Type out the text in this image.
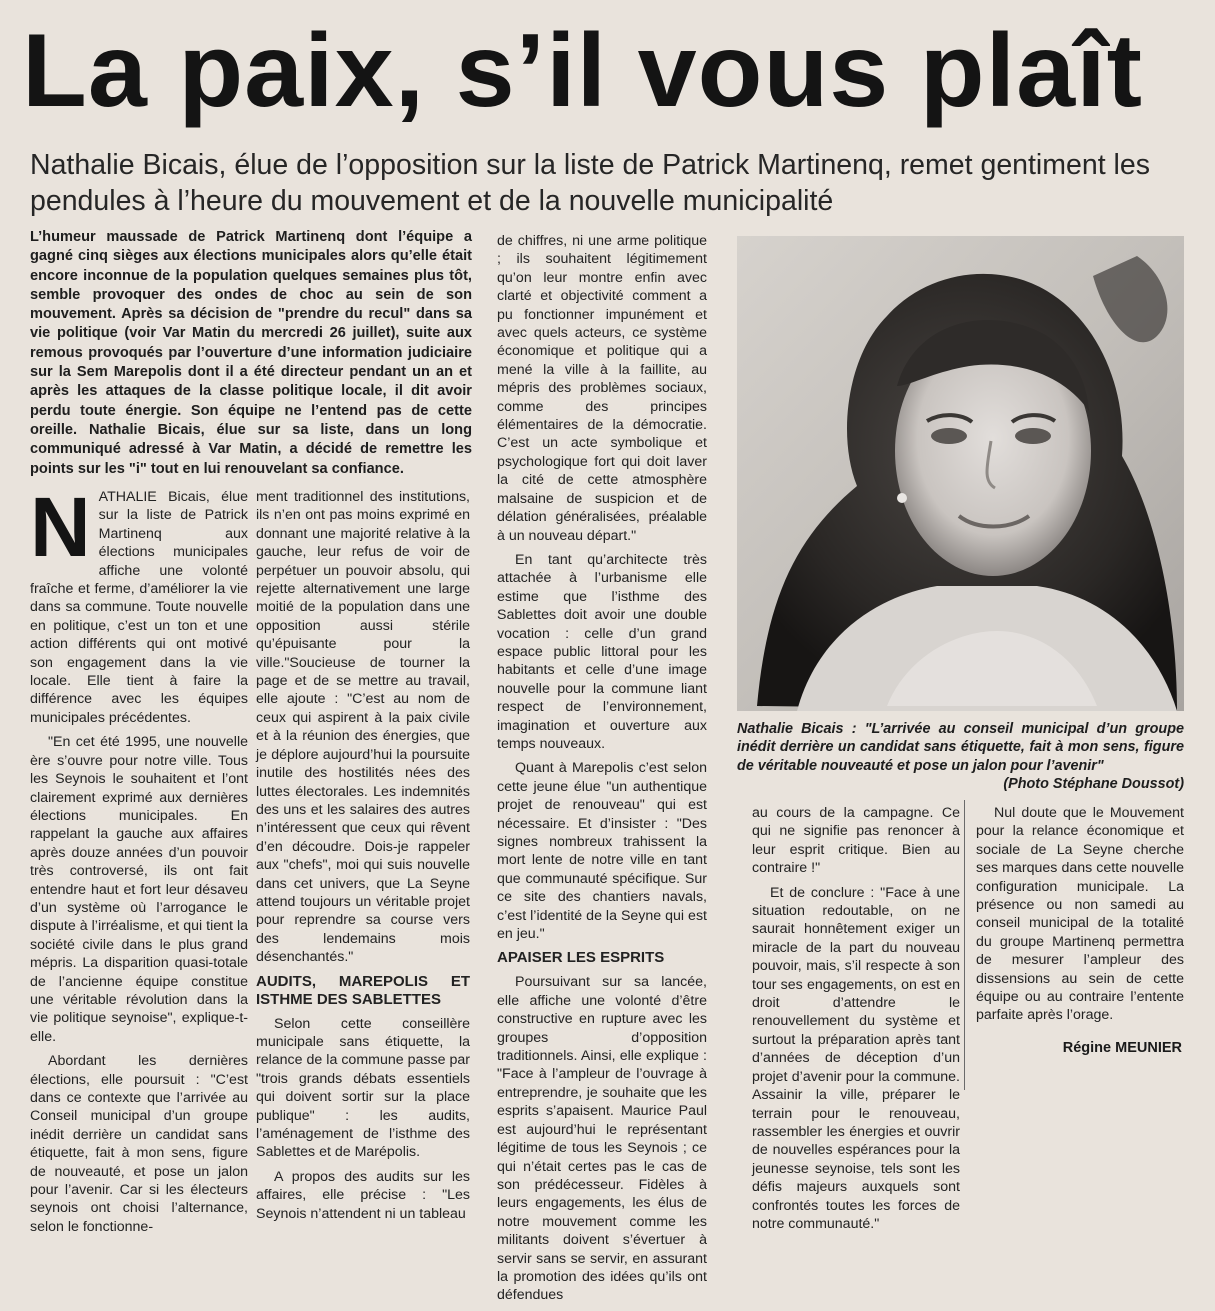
La paix, s’il vous plaît

Nathalie Bicais, élue de l’opposition sur la liste de Patrick Martinenq, remet gentiment les pendules à l’heure du mouvement et de la nouvelle municipalité

L’humeur maussade de Patrick Martinenq dont l’équipe a gagné cinq sièges aux élections municipales alors qu’elle était encore inconnue de la population quelques semaines plus tôt, semble provoquer des ondes de choc au sein de son mouvement. Après sa décision de "prendre du recul" dans sa vie politique (voir Var Matin du mercredi 26 juillet), suite aux remous provoqués par l’ouverture d’une information judiciaire sur la Sem Marepolis dont il a été directeur pendant un an et après les attaques de la classe politique locale, il dit avoir perdu toute énergie. Son équipe ne l’entend pas de cette oreille. Nathalie Bicais, élue sur sa liste, dans un long communiqué adressé à Var Matin, a décidé de remettre les points sur les "i" tout en lui renouvelant sa confiance.

NATHALIE Bicais, élue sur la liste de Patrick Martinenq aux élections municipales affiche une volonté fraîche et ferme, d’améliorer la vie dans sa commune. Toute nouvelle en politique, c’est un ton et une action différents qui ont motivé son engagement dans la vie locale. Elle tient à faire la différence avec les équipes municipales précédentes.

"En cet été 1995, une nouvelle ère s’ouvre pour notre ville. Tous les Seynois le souhaitent et l’ont clairement exprimé aux dernières élections municipales. En rappelant la gauche aux affaires après douze années d’un pouvoir très controversé, ils ont fait entendre haut et fort leur désaveu d’un système où l’arrogance le dispute à l’irréalisme, et qui tient la société civile dans le plus grand mépris. La disparition quasi-totale de l’ancienne équipe constitue une véritable révolution dans la vie politique seynoise", explique-t-elle.

Abordant les dernières élections, elle poursuit : "C’est dans ce contexte que l’arrivée au Conseil municipal d’un groupe inédit derrière un candidat sans étiquette, fait à mon sens, figure de nouveauté, et pose un jalon pour l’avenir. Car si les électeurs seynois ont choisi l’alternance, selon le fonctionne-

ment traditionnel des institutions, ils n’en ont pas moins exprimé en donnant une majorité relative à la gauche, leur refus de voir de perpétuer un pouvoir absolu, qui rejette alternativement une large moitié de la population dans une opposition aussi stérile qu’épuisante pour la ville."Soucieuse de tourner la page et de se mettre au travail, elle ajoute : "C’est au nom de ceux qui aspirent à la paix civile et à la réunion des énergies, que je déplore aujourd’hui la poursuite inutile des hostilités nées des luttes électorales. Les indemnités des uns et les salaires des autres n’intéressent que ceux qui rêvent d’en découdre. Dois-je rappeler aux "chefs", moi qui suis nouvelle dans cet univers, que La Seyne attend toujours un véritable projet pour reprendre sa course vers des lendemains mois désenchantés."

AUDITS, MAREPOLIS ET ISTHME DES SABLETTES

Selon cette conseillère municipale sans étiquette, la relance de la commune passe par "trois grands débats essentiels qui doivent sortir sur la place publique" : les audits, l’aménagement de l’isthme des Sablettes et de Marépolis.

A propos des audits sur les affaires, elle précise : "Les Seynois n’attendent ni un tableau

de chiffres, ni une arme politique ; ils souhaitent légitimement qu’on leur montre enfin avec clarté et objectivité comment a pu fonctionner impunément et avec quels acteurs, ce système économique et politique qui a mené la ville à la faillite, au mépris des problèmes sociaux, comme des principes élémentaires de la démocratie. C’est un acte symbolique et psychologique fort qui doit laver la cité de cette atmosphère malsaine de suspicion et de délation généralisées, préalable à un nouveau départ."

En tant qu’architecte très attachée à l’urbanisme elle estime que l’isthme des Sablettes doit avoir une double vocation : celle d’un grand espace public littoral pour les habitants et celle d’une image nouvelle pour la commune liant respect de l’environnement, imagination et ouverture aux temps nouveaux.

Quant à Marepolis c’est selon cette jeune élue "un authentique projet de renouveau" qui est nécessaire. Et d’insister : "Des signes nombreux trahissent la mort lente de notre ville en tant que communauté spécifique. Sur ce site des chantiers navals, c’est l’identité de la Seyne qui est en jeu."

APAISER LES ESPRITS

Poursuivant sur sa lancée, elle affiche une volonté d’être constructive en rupture avec les groupes d’opposition traditionnels. Ainsi, elle explique : "Face à l’ampleur de l’ouvrage à entreprendre, je souhaite que les esprits s’apaisent. Maurice Paul est aujourd’hui le représentant légitime de tous les Seynois ; ce qui n’était certes pas le cas de son prédécesseur. Fidèles à leurs engagements, les élus de notre mouvement comme les militants doivent s’évertuer à servir sans se servir, en assurant la promotion des idées qu’ils ont défendues

Nathalie Bicais : "L’arrivée au conseil municipal d’un groupe inédit derrière un candidat sans étiquette, fait à mon sens, figure de véritable nouveauté et pose un jalon pour l’avenir"
(Photo Stéphane Doussot)

au cours de la campagne. Ce qui ne signifie pas renoncer à leur esprit critique. Bien au contraire !"

Et de conclure : "Face à une situation redoutable, on ne saurait honnêtement exiger un miracle de la part du nouveau pouvoir, mais, s’il respecte à son tour ses engagements, on est en droit d’attendre le renouvellement du système et surtout la préparation après tant d’années de déception d’un projet d’avenir pour la commune. Assainir la ville, préparer le terrain pour le renouveau, rassembler les énergies et ouvrir de nouvelles espérances pour la jeunesse seynoise, tels sont les défis majeurs auxquels sont confrontés toutes les forces de notre communauté."

Nul doute que le Mouvement pour la relance économique et sociale de La Seyne cherche ses marques dans cette nouvelle configuration municipale. La présence ou non samedi au conseil municipal de la totalité du groupe Martinenq permettra de mesurer l’ampleur des dissensions au sein de cette équipe ou au contraire l’entente parfaite après l’orage.

Régine MEUNIER
